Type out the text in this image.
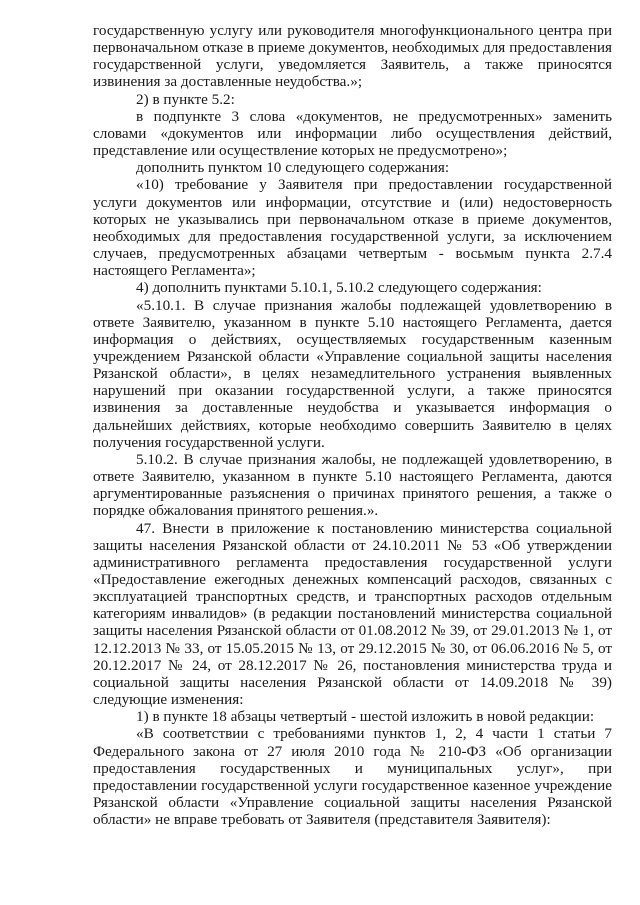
государственную услугу или руководителя многофункционального центра при первоначальном отказе в приеме документов, необходимых для предоставления государственной услуги, уведомляется Заявитель, а также приносятся извинения за доставленные неудобства.»;

2) в пункте 5.2:

в подпункте 3 слова «документов, не предусмотренных» заменить словами «документов или информации либо осуществления действий, представление или осуществление которых не предусмотрено»;

дополнить пунктом 10 следующего содержания:

«10) требование у Заявителя при предоставлении государственной услуги документов или информации, отсутствие и (или) недостоверность которых не указывались при первоначальном отказе в приеме документов, необходимых для предоставления государственной услуги, за исключением случаев, предусмотренных абзацами четвертым - восьмым пункта 2.7.4 настоящего Регламента»;

4) дополнить пунктами 5.10.1, 5.10.2 следующего содержания:

«5.10.1. В случае признания жалобы подлежащей удовлетворению в ответе Заявителю, указанном в пункте 5.10 настоящего Регламента, дается информация о действиях, осуществляемых государственным казенным учреждением Рязанской области «Управление социальной защиты населения Рязанской области», в целях незамедлительного устранения выявленных нарушений при оказании государственной услуги, а также приносятся извинения за доставленные неудобства и указывается информация о дальнейших действиях, которые необходимо совершить Заявителю в целях получения государственной услуги.

5.10.2. В случае признания жалобы, не подлежащей удовлетворению, в ответе Заявителю, указанном в пункте 5.10 настоящего Регламента, даются аргументированные разъяснения о причинах принятого решения, а также о порядке обжалования принятого решения.».

47. Внести в приложение к постановлению министерства социальной защиты населения Рязанской области от 24.10.2011 № 53 «Об утверждении административного регламента предоставления государственной услуги «Предоставление ежегодных денежных компенсаций расходов, связанных с эксплуатацией транспортных средств, и транспортных расходов отдельным категориям инвалидов» (в редакции постановлений министерства социальной защиты населения Рязанской области от 01.08.2012 № 39, от 29.01.2013 № 1, от 12.12.2013 № 33, от 15.05.2015 № 13, от 29.12.2015 № 30, от 06.06.2016 № 5, от 20.12.2017 № 24, от 28.12.2017 № 26, постановления министерства труда и социальной защиты населения Рязанской области от 14.09.2018 № 39) следующие изменения:

1) в пункте 18 абзацы четвертый - шестой изложить в новой редакции:

«В соответствии с требованиями пунктов 1, 2, 4 части 1 статьи 7 Федерального закона от 27 июля 2010 года № 210-ФЗ «Об организации предоставления государственных и муниципальных услуг», при предоставлении государственной услуги государственное казенное учреждение Рязанской области «Управление социальной защиты населения Рязанской области» не вправе требовать от Заявителя (представителя Заявителя):
